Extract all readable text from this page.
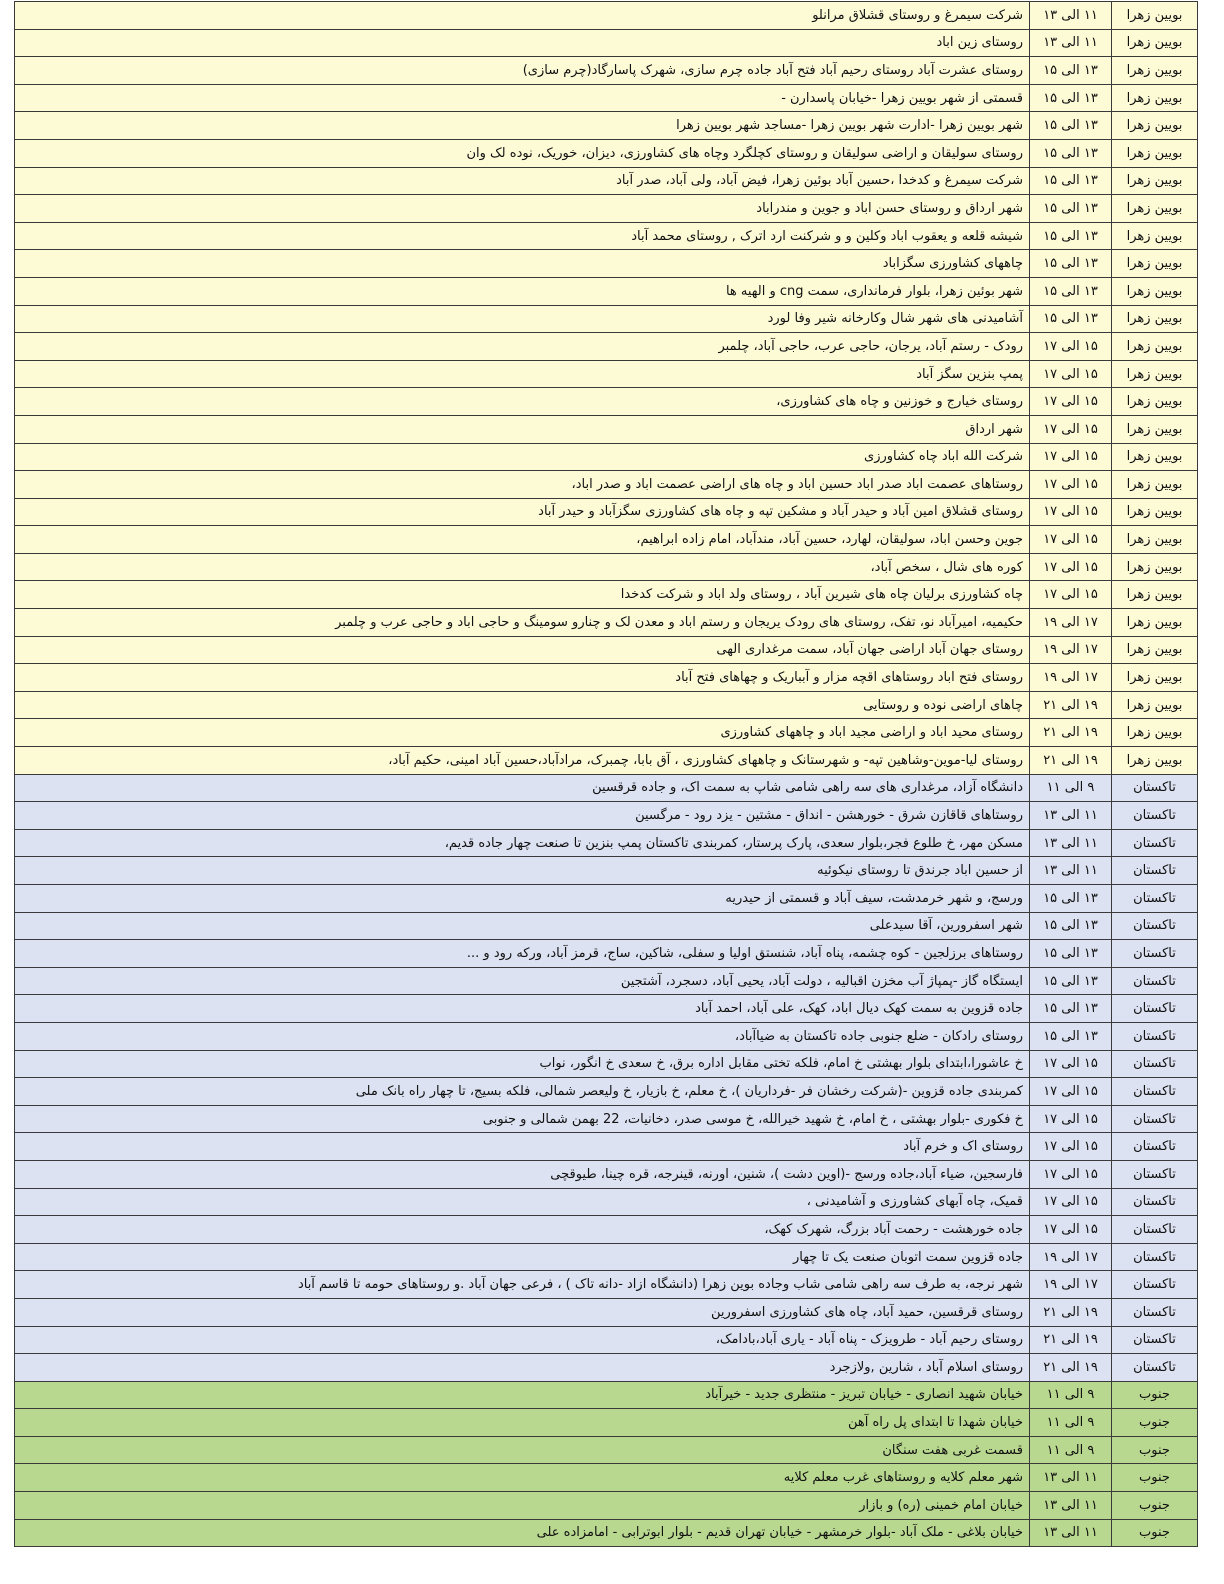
بویین زهرا	۱۱ الی ۱۳	شرکت سیمرغ و روستای قشلاق مرانلو
بویین زهرا	۱۱ الی ۱۳	روستای زین اباد
بویین زهرا	۱۳ الی ۱۵	روستای عشرت آباد روستای رحیم آباد فتح آباد جاده چرم سازی، شهرک پاسارگاد(چرم سازی)
بویین زهرا	۱۳ الی ۱۵	قسمتی از شهر بویین زهرا -خیابان پاسدارن -
بویین زهرا	۱۳ الی ۱۵	شهر بویین زهرا -ادارت شهر بویین زهرا -مساجد شهر بویین زهرا
بویین زهرا	۱۳ الی ۱۵	روستای سولیقان و اراضی سولیقان و روستای کچلگرد وچاه های کشاورزی، دیزان، خوریک، نوده لک وان
بویین زهرا	۱۳ الی ۱۵	شرکت سیمرغ و کدخدا ،حسین آباد بوئین زهرا، فیض آباد، ولی آباد، صدر آباد
بویین زهرا	۱۳ الی ۱۵	شهر ارداق و روستای حسن اباد و جوین و مندراباد
بویین زهرا	۱۳ الی ۱۵	شیشه قلعه و یعقوب اباد وکلین و و شرکنت ارد اترک , روستای محمد آباد
بویین زهرا	۱۳ الی ۱۵	چاههای کشاورزی سگزاباد
بویین زهرا	۱۳ الی ۱۵	شهر بوئین زهرا، بلوار فرمانداری، سمت cng و الهیه ها
بویین زهرا	۱۳ الی ۱۵	آشامیدنی های شهر شال وکارخانه شیر وفا لورد
بویین زهرا	۱۵ الی ۱۷	رودک - رستم آباد، یرجان، حاجی عرب، حاجی آباد، چلمبر
بویین زهرا	۱۵ الی ۱۷	پمپ بنزین سگز آباد
بویین زهرا	۱۵ الی ۱۷	روستای خیارج و خوزنین و چاه های کشاورزی،
بویین زهرا	۱۵ الی ۱۷	شهر ارداق
بویین زهرا	۱۵ الی ۱۷	شرکت الله اباد چاه کشاورزی
بویین زهرا	۱۵ الی ۱۷	روستاهای عصمت اباد صدر اباد حسین اباد و چاه های اراضی عصمت اباد و صدر اباد،
بویین زهرا	۱۵ الی ۱۷	روستای قشلاق امین آباد و حیدر آباد و مشکین تپه و چاه های کشاورزی سگزآباد و حیدر آباد
بویین زهرا	۱۵ الی ۱۷	جوین وحسن اباد، سولیقان، لهارد، حسین آباد، مندآباد، امام زاده ابراهیم،
بویین زهرا	۱۵ الی ۱۷	کوره های شال ، سخص آباد،
بویین زهرا	۱۵ الی ۱۷	چاه کشاورزی برلیان چاه های شیرین آباد ، روستای ولد اباد و شرکت کدخدا
بویین زهرا	۱۷ الی ۱۹	حکیمیه، امیرآباد نو، تفک، روستای های رودک یریجان و رستم اباد و معدن لک و چنارو سومینگ و حاجی اباد و حاجی عرب و چلمبر
بویین زهرا	۱۷ الی ۱۹	روستای جهان آباد اراضی جهان آباد، سمت مرغداری الهی
بویین زهرا	۱۷ الی ۱۹	روستای فتح اباد روستاهای اقچه مزار و آبباریک و چهاهای فتح آباد
بویین زهرا	۱۹ الی ۲۱	چاهای اراضی نوده و روستایی
بویین زهرا	۱۹ الی ۲۱	روستای محید اباد و اراضی مجید اباد و چاههای کشاورزی
بویین زهرا	۱۹ الی ۲۱	روستای لیا-موین-وشاهین تپه- و شهرستانک و چاههای کشاورزی ، آق بابا، چمبرک، مرادآباد،حسین آباد امینی، حکیم آباد،
تاکستان	۹ الی ۱۱	دانشگاه آزاد، مرغداری های سه راهی شامی شاپ به سمت اک، و جاده قرقسین
تاکستان	۱۱ الی ۱۳	روستاهای قاقازن شرق - خورهشن - انداق - مشتین - یزد رود - مرگسین
تاکستان	۱۱ الی ۱۳	مسکن مهر، خ طلوع فجر،بلوار سعدی، پارک پرستار، کمربندی تاکستان پمپ بنزین تا صنعت چهار جاده قدیم،
تاکستان	۱۱ الی ۱۳	از حسین اباد جرندق تا روستای نیکوئیه
تاکستان	۱۳ الی ۱۵	ورسج، و شهر خرمدشت، سیف آباد و قسمتی از حیدریه
تاکستان	۱۳ الی ۱۵	شهر اسفرورین، آقا سیدعلی
تاکستان	۱۳ الی ۱۵	روستاهای برزلجین - کوه چشمه، پناه آباد، شنستق اولیا و سفلی، شاکین، ساج، قرمز آباد، ورکه رود و ...
تاکستان	۱۳ الی ۱۵	ایستگاه گاز -پمپاژ آب مخزن اقبالیه ، دولت آباد، یحیی آباد، دسجرد، آشتجین
تاکستان	۱۳ الی ۱۵	جاده قزوین به سمت کهک دیال اباد، کهک، علی آباد، احمد آباد
تاکستان	۱۳ الی ۱۵	روستای رادکان - ضلع جنوبی جاده تاکستان به ضیاآباد،
تاکستان	۱۵ الی ۱۷	خ عاشورا،ابتدای بلوار بهشتی خ امام، فلکه تختی مقابل اداره برق، خ سعدی خ انگور، نواب
تاکستان	۱۵ الی ۱۷	کمربندی جاده قزوین -(شرکت رخشان فر -فرداریان )، خ معلم، خ بازیار، خ ولیعصر شمالی، فلکه بسیج، تا چهار راه بانک ملی
تاکستان	۱۵ الی ۱۷	خ فکوری -بلوار بهشتی ، خ امام، خ شهید خیرالله، خ موسی صدر، دخانیات، 22 بهمن شمالی و جنوبی
تاکستان	۱۵ الی ۱۷	روستای اک و خرم آباد
تاکستان	۱۵ الی ۱۷	فارسجین، ضیاء آباد،جاده ورسج -(اوین دشت )، شنین، اورنه، قینرجه، قره چینا، طیوقچی
تاکستان	۱۵ الی ۱۷	قمیک، چاه آبهای کشاورزی و آشامیدنی ،
تاکستان	۱۵ الی ۱۷	جاده خورهشت - رحمت آباد بزرگ، شهرک کهک،
تاکستان	۱۷ الی ۱۹	جاده قزوین سمت اتوبان صنعت یک تا چهار
تاکستان	۱۷ الی ۱۹	شهر نرجه، به طرف سه راهی شامی شاب وجاده بوین زهرا (دانشگاه ازاد -دانه تاک ) ، فرعی جهان آباد .و روستاهای حومه تا قاسم آباد
تاکستان	۱۹ الی ۲۱	روستای قرقسین، حمید آباد، چاه های کشاورزی اسفرورین
تاکستان	۱۹ الی ۲۱	روستای رحیم آباد - طرویزک - پناه آباد - یاری آباد،بادامک،
تاکستان	۱۹ الی ۲۱	روستای اسلام آباد ، شارین ,ولازجرد
جنوب	۹ الی ۱۱	خیابان شهید انصاری - خیابان تبریز - منتظری جدید - خیرآباد
جنوب	۹ الی ۱۱	خیابان شهدا تا ابتدای پل راه آهن
جنوب	۹ الی ۱۱	قسمت غربی هفت سنگان
جنوب	۱۱ الی ۱۳	شهر معلم کلایه و روستاهای غرب معلم کلایه
جنوب	۱۱ الی ۱۳	خیابان امام خمینی (ره) و بازار
جنوب	۱۱ الی ۱۳	خیابان بلاغی - ملک آباد -بلوار خرمشهر - خیابان تهران قدیم - بلوار ابوترابی - امامزاده علی
